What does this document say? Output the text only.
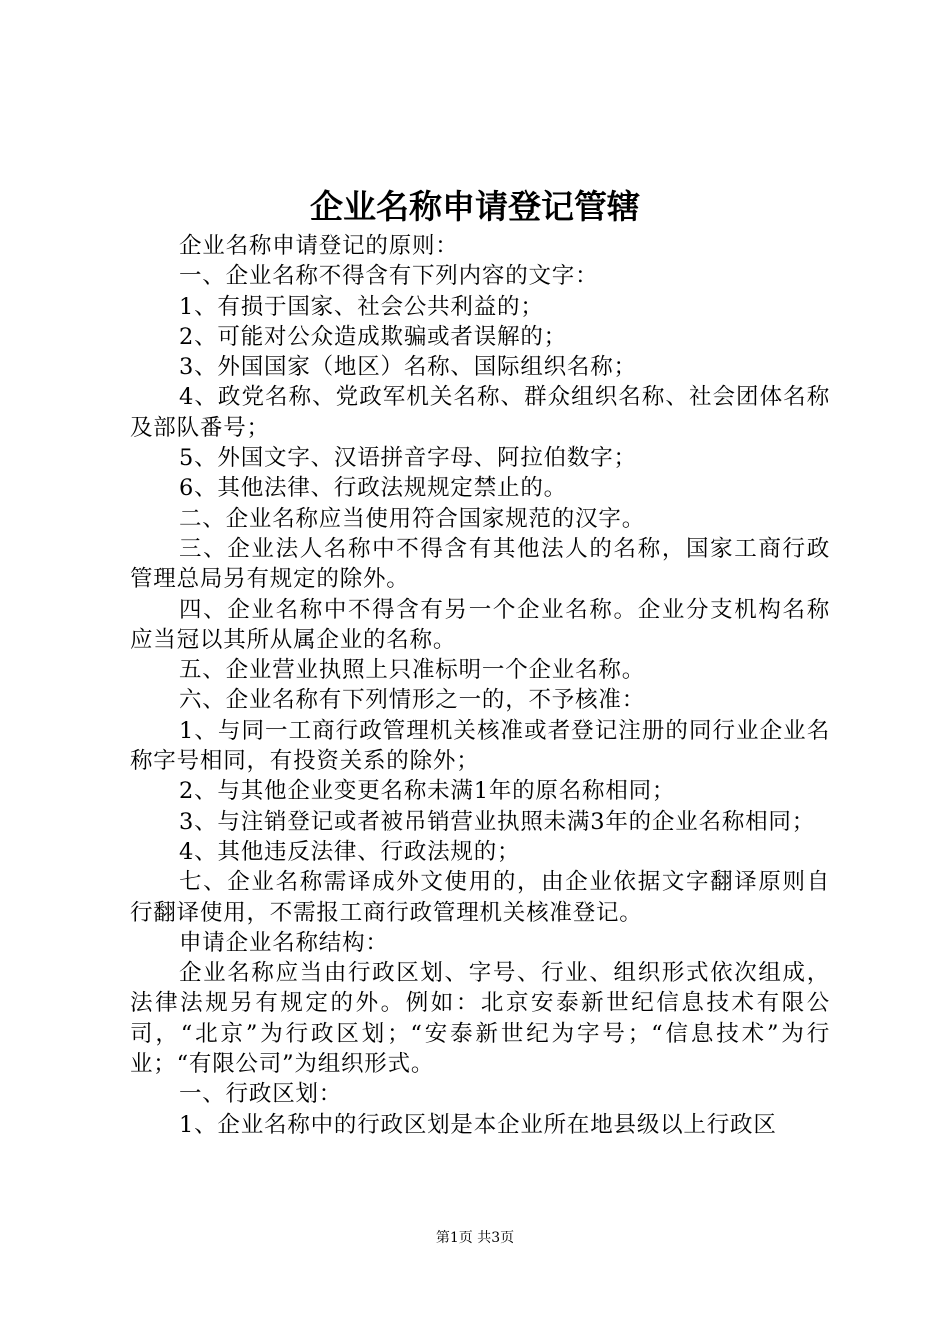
企业名称申请登记管辖

企业名称申请登记的原则：

一、企业名称不得含有下列内容的文字：

1、有损于国家、社会公共利益的；

2、可能对公众造成欺骗或者误解的；

3、外国国家（地区）名称、国际组织名称；

4、政党名称、党政军机关名称、群众组织名称、社会团体名称及部队番号；

5、外国文字、汉语拼音字母、阿拉伯数字；

6、其他法律、行政法规规定禁止的。

二、企业名称应当使用符合国家规范的汉字。

三、企业法人名称中不得含有其他法人的名称，国家工商行政管理总局另有规定的除外。

四、企业名称中不得含有另一个企业名称。企业分支机构名称应当冠以其所从属企业的名称。

五、企业营业执照上只准标明一个企业名称。

六、企业名称有下列情形之一的，不予核准：

1、与同一工商行政管理机关核准或者登记注册的同行业企业名称字号相同，有投资关系的除外；

2、与其他企业变更名称未满1年的原名称相同；

3、与注销登记或者被吊销营业执照未满3年的企业名称相同；

4、其他违反法律、行政法规的；

七、企业名称需译成外文使用的，由企业依据文字翻译原则自行翻译使用，不需报工商行政管理机关核准登记。

申请企业名称结构：

企业名称应当由行政区划、字号、行业、组织形式依次组成，法律法规另有规定的外。例如：北京安泰新世纪信息技术有限公司，“北京”为行政区划；“安泰新世纪为字号；“信息技术”为行业；“有限公司”为组织形式。

一、行政区划：

1、企业名称中的行政区划是本企业所在地县级以上行政区

第1页 共3页
